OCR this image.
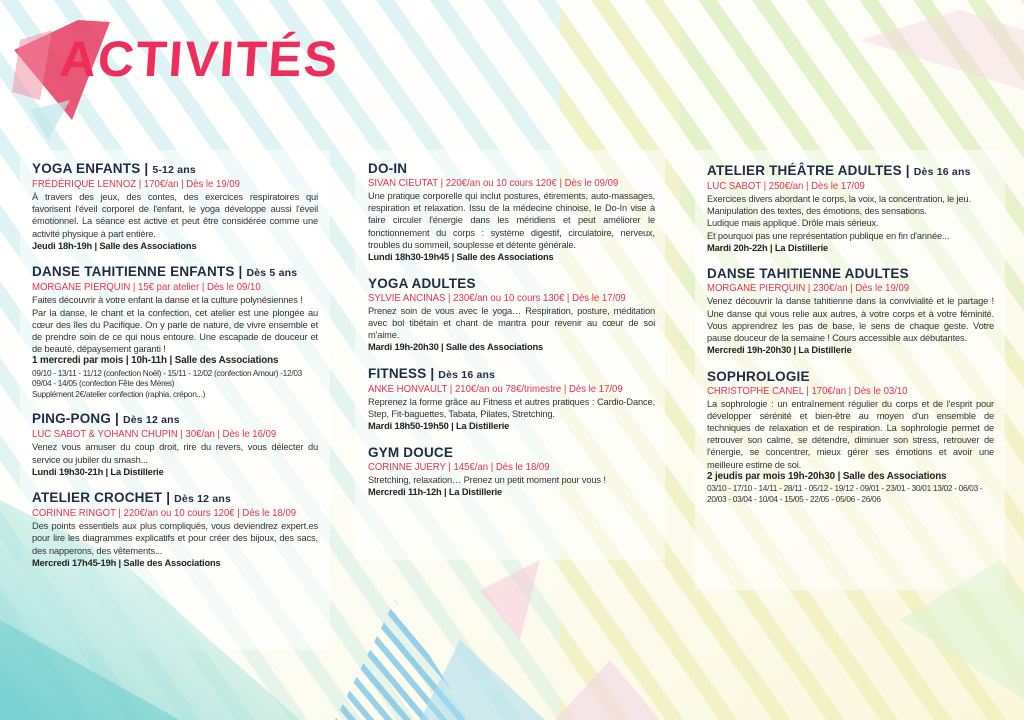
ACTIVITÉS
YOGA ENFANTS | 5-12 ans
FRÉDÉRIQUE LENNOZ | 170€/an | Dès le 19/09

À travers des jeux, des contes, des exercices respiratoires qui favorisent l'éveil corporel de l'enfant, le yoga développe aussi l'éveil émotionnel. La séance est active et peut être considérée comme une activité physique à part entière.

Jeudi 18h-19h | Salle des Associations
DANSE TAHITIENNE ENFANTS | Dès 5 ans
MORGANE PIERQUIN | 15€ par atelier | Dès le 09/10

Faites découvrir à votre enfant la danse et la culture polynésiennes !

Par la danse, le chant et la confection, cet atelier est une plongée au cœur des îles du Pacifique. On y parle de nature, de vivre ensemble et de prendre soin de ce qui nous entoure. Une escapade de douceur et de beauté, dépaysement garanti !

1 mercredi par mois | 10h-11h | Salle des Associations
09/10 - 13/11 - 11/12 (confection Noël) - 15/11 - 12/02 (confection Amour) -12/03 09/04 - 14/05 (confection Fête des Mères)
Supplément 2€/atelier confection (raphia, crépon...)
PING-PONG | Dès 12 ans
LUC SABOT & YOHANN CHUPIN | 30€/an | Dès le 16/09

Venez vous amuser du coup droit, rire du revers, vous délecter du service ou jubiler du smash...

Lundi 19h30-21h | La Distillerie
ATELIER CROCHET | Dès 12 ans
CORINNE RINGOT | 220€/an ou 10 cours 120€ | Dès le 18/09

Des points essentiels aux plus compliqués, vous deviendrez expert.es pour lire les diagrammes explicatifs et pour créer des bijoux, des sacs, des napperons, des vêtements...

Mercredi 17h45-19h | Salle des Associations
DO-IN
SIVAN CIEUTAT | 220€/an ou 10 cours 120€ | Dès le 09/09

Une pratique corporelle qui inclut postures, étirements, auto-massages, respiration et relaxation. Issu de la médecine chinoise, le Do-In vise à faire circuler l'énergie dans les méridiens et peut améliorer le fonctionnement du corps : système digestif, circulatoire, nerveux, troubles du sommeil, souplesse et détente générale.

Lundi 18h30-19h45 | Salle des Associations
YOGA ADULTES
SYLVIE ANCINAS | 230€/an ou 10 cours 130€ | Dès le 17/09

Prenez soin de vous avec le yoga… Respiration, posture, méditation avec bol tibétain et chant de mantra pour revenir au cœur de soi m'aime.

Mardi 19h-20h30 | Salle des Associations
FITNESS | Dès 16 ans
ANKE HONVAULT | 210€/an ou 78€/trimestre | Dès le 17/09

Reprenez la forme grâce au Fitness et autres pratiques : Cardio-Dance, Step, Fit-baguettes, Tabata, Pilates, Stretching.

Mardi 18h50-19h50 | La Distillerie
GYM DOUCE
CORINNE JUERY | 145€/an | Dès le 18/09

Stretching, relaxation… Prenez un petit moment pour vous !

Mercredi 11h-12h | La Distillerie
ATELIER THÉÂTRE ADULTES | Dès 16 ans
LUC SABOT | 250€/an | Dès le 17/09

Exercices divers abordant le corps, la voix, la concentration, le jeu. Manipulation des textes, des émotions, des sensations.

Ludique mais appliqué. Drôle mais sérieux.

Et pourquoi pas une représentation publique en fin d'année...

Mardi 20h-22h | La Distillerie
DANSE TAHITIENNE ADULTES
MORGANE PIERQUIN | 230€/an | Dès le 19/09

Venez découvrir la danse tahitienne dans la convivialité et le partage ! Une danse qui vous relie aux autres, à votre corps et à votre féminité. Vous apprendrez les pas de base, le sens de chaque geste. Votre pause douceur de la semaine ! Cours accessible aux débutantes.

Mercredi 19h-20h30 | La Distillerie
SOPHROLOGIE
CHRISTOPHE CANEL | 170€/an | Dès le 03/10

La sophrologie : un entraînement régulier du corps et de l'esprit pour développer sérénité et bien-être au moyen d'un ensemble de techniques de relaxation et de respiration. La sophrologie permet de retrouver son calme, se détendre, diminuer son stress, retrouver de l'énergie, se concentrer, mieux gérer ses émotions et avoir une meilleure estime de soi.

2 jeudis par mois 19h-20h30 | Salle des Associations
03/10 - 17/10 - 14/11 - 28/11 - 05/12 - 19/12 - 09/01 - 23/01 - 30/01 13/02 - 06/03 - 20/03 - 03/04 - 10/04 - 15/05 - 22/05 - 05/06 - 26/06
